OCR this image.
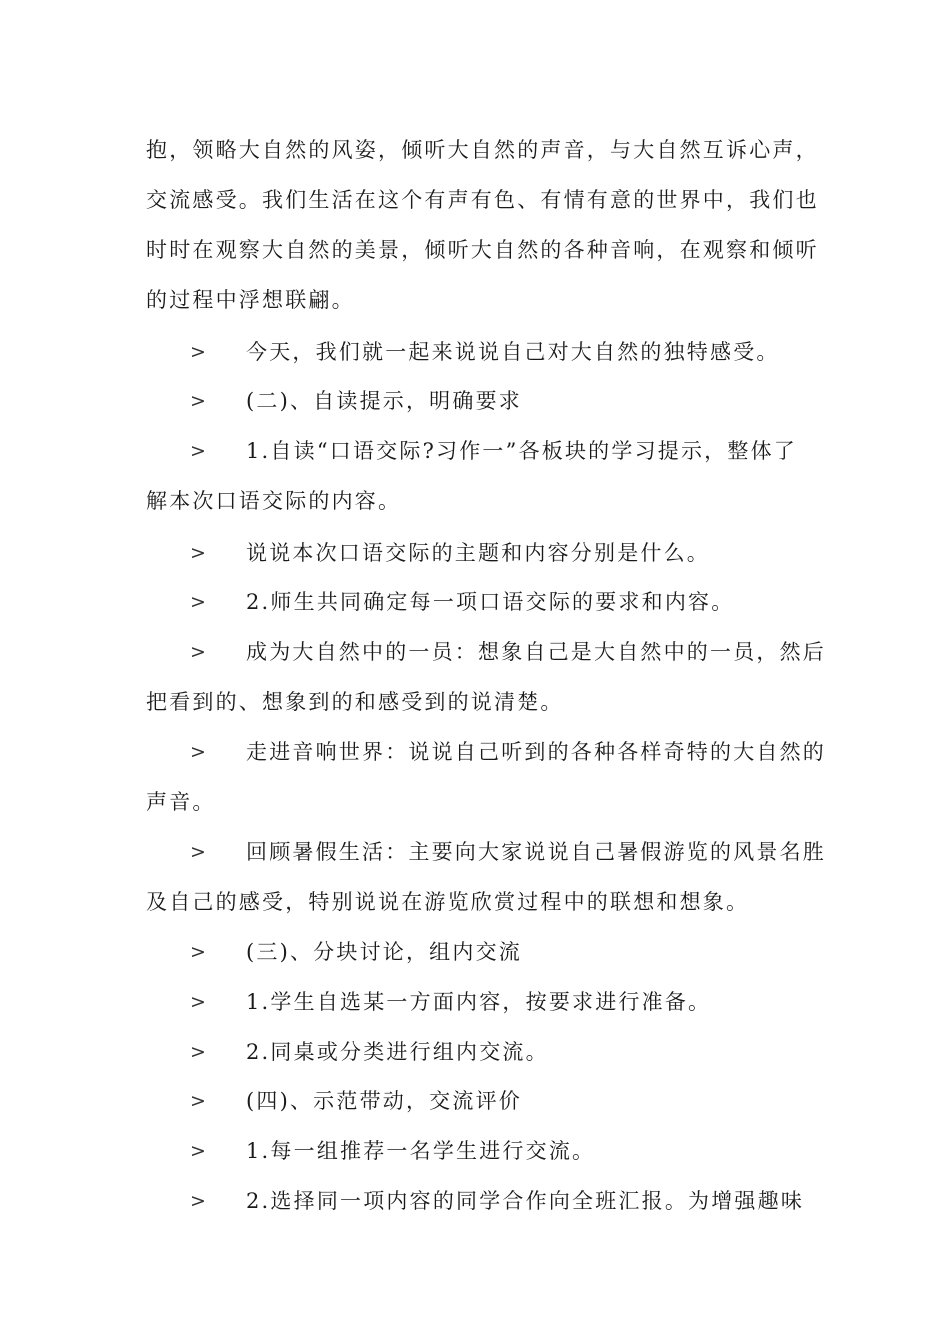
抱，领略大自然的风姿，倾听大自然的声音，与大自然互诉心声，
交流感受。我们生活在这个有声有色、有情有意的世界中，我们也
时时在观察大自然的美景，倾听大自然的各种音响，在观察和倾听
的过程中浮想联翩。
> 今天，我们就一起来说说自己对大自然的独特感受。
> (二)、自读提示，明确要求
> 1.自读“口语交际?习作一”各板块的学习提示，整体了
解本次口语交际的内容。
> 说说本次口语交际的主题和内容分别是什么。
> 2.师生共同确定每一项口语交际的要求和内容。
> 成为大自然中的一员：想象自己是大自然中的一员，然后
把看到的、想象到的和感受到的说清楚。
> 走进音响世界：说说自己听到的各种各样奇特的大自然的
声音。
> 回顾暑假生活：主要向大家说说自己暑假游览的风景名胜
及自己的感受，特别说说在游览欣赏过程中的联想和想象。
> (三)、分块讨论，组内交流
> 1.学生自选某一方面内容，按要求进行准备。
> 2.同桌或分类进行组内交流。
> (四)、示范带动，交流评价
> 1.每一组推荐一名学生进行交流。
> 2.选择同一项内容的同学合作向全班汇报。为增强趣味
